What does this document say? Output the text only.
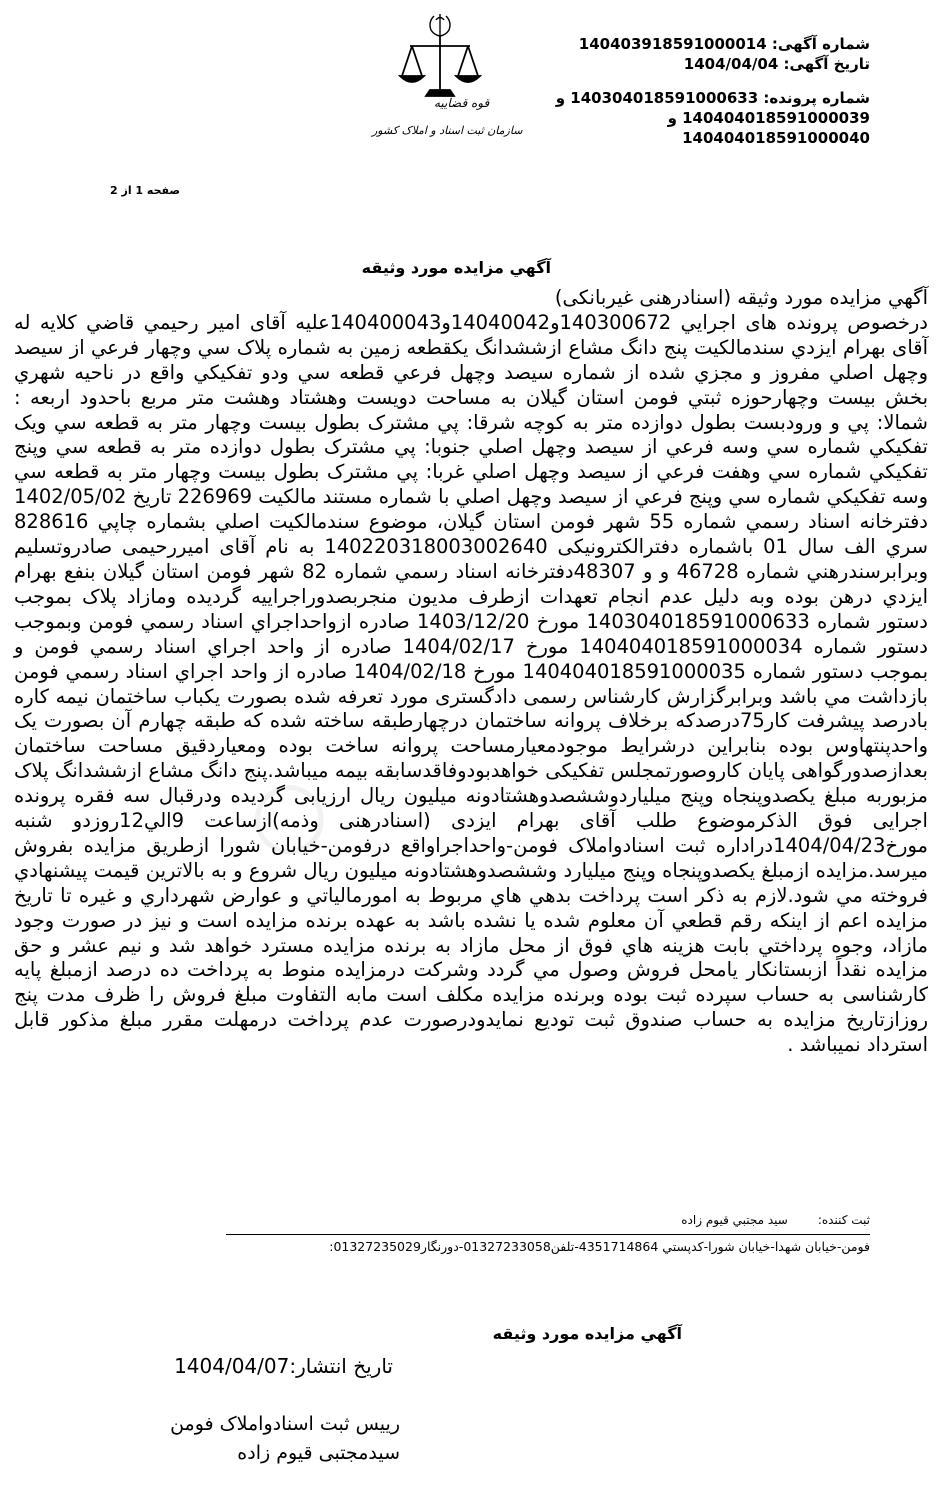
قوه قضاییه
سازمان ثبت اسناد و املاک کشور
شماره آگهی: 140403918591000014
تاریخ آگهی: 1404/04/04
شماره پرونده: 14030401859100063‌3 و
14040401859100003‌9 و
14040401859100004‌0
صفحه 1 از 2
○
آگهي مزايده مورد وثيقه
آگهي مزايده مورد وثيقه (اسنادرهنی غيربانکی)
درخصوص پرونده های اجرايي 140300672و14040042و140400043عليه آقای امير رحيمي قاضي کلايه له آقای بهرام ايزدي سندمالکيت پنج دانگ مشاع ازششدانگ يکقطعه زمين به شماره پلاک سي وچهار فرعي از سيصد وچهل اصلي مفروز و مجزي شده از شماره سيصد وچهل فرعي قطعه سي ودو تفکيکي واقع در ناحيه شهري بخش بيست وچهارحوزه ثبتي فومن استان گيلان به مساحت دويست وهشتاد وهشت متر مربع باحدود اربعه : شمالا: پي و ورودبست بطول دوازده متر به کوچه شرقا: پي مشترک بطول بيست وچهار متر به قطعه سي ويک تفکيکي شماره سي وسه فرعي از سيصد وچهل اصلي جنوبا: پي مشترک بطول دوازده متر به قطعه سي وپنج تفکيکي شماره سي وهفت فرعي از سيصد وچهل اصلي غربا: پي مشترک بطول بيست وچهار متر به قطعه سي وسه تفکيکي شماره سي وپنج فرعي از سيصد وچهل اصلي با شماره مستند مالکيت 226969 تاريخ 1402/05/02 دفترخانه اسناد رسمي شماره 55 شهر فومن استان گيلان، موضوع سندمالکيت اصلي بشماره چاپي 828616 سري الف سال 01 باشماره دفترالکترونيکی 140220318003002640 به نام آقای اميررحيمی صادروتسليم وبرابرسندرهني شماره 46728 و و 48307دفترخانه اسناد رسمي شماره 82 شهر فومن استان گيلان بنفع بهرام ايزدي درهن بوده وبه دليل عدم انجام تعهدات ازطرف مديون منجربصدوراجراييه گرديده ومازاد پلاک بموجب دستور شماره 140304018591000633 مورخ 1403/12/20 صادره ازواحداجراي اسناد رسمي فومن وبموجب دستور شماره 140404018591000034 مورخ 1404/02/17 صادره از واحد اجراي اسناد رسمي فومن و بموجب دستور شماره 140404018591000035 مورخ 1404/02/18 صادره از واحد اجراي اسناد رسمي فومن بازداشت مي باشد وبرابرگزارش کارشناس رسمی دادگستری مورد تعرفه شده بصورت يکباب ساختمان نيمه کاره بادرصد پيشرفت کار75درصدکه برخلاف پروانه ساختمان درچهارطبقه ساخته شده که طبقه چهارم آن بصورت يک واحدپنتهاوس بوده بنابراين درشرايط موجودمعيارمساحت پروانه ساخت بوده ومعياردقيق مساحت ساختمان بعدازصدورگواهی پايان کاروصورتمجلس تفکيکی خواهدبودوفاقدسابقه بيمه ميباشد.پنج دانگ مشاع ازششدانگ پلاک مزبوربه مبلغ يکصدوپنجاه وپنج ميلياردوششصدوهشتادونه ميليون ريال ارزيابی گرديده ودرقبال سه فقره پرونده اجرايی فوق الذکرموضوع طلب آقای بهرام ايزدی (اسنادرهنی وذمه)ازساعت 9الي12روزدو شنبه مورخ1404/04/23دراداره ثبت اسنادواملاک فومن-واحداجراواقع درفومن-خيابان شورا ازطريق مزايده بفروش ميرسد.مزايده ازمبلغ يکصدوپنجاه وپنج ميليارد وششصدوهشتادونه ميليون ريال شروع و به بالاترين قيمت پيشنهادي فروخته مي شود.لازم به ذکر است پرداخت بدهي هاي مربوط به امورمالياتي و عوارض شهرداري و غيره تا تاريخ مزايده اعم از اينکه رقم قطعي آن معلوم شده يا نشده باشد به عهده برنده مزايده است و نيز در صورت وجود مازاد، وجوه پرداختي بابت هزينه هاي فوق از محل مازاد به برنده مزايده مسترد خواهد شد و نيم عشر و حق مزايده نقداً ازبستانکار يامحل فروش وصول مي گردد وشرکت درمزايده منوط به پرداخت ده درصد ازمبلغ پايه کارشناسی به حساب سپرده ثبت بوده وبرنده مزايده مکلف است مابه التفاوت مبلغ فروش را ظرف مدت پنج روزازتاريخ مزايده به حساب صندوق ثبت توديع نمايدودرصورت عدم پرداخت درمهلت مقرر مبلغ مذکور قابل استرداد نميباشد .
ثبت کننده:
سيد مجتبي قيوم زاده
فومن-خيابان شهدا-خيابان شورا-کدپستي 4351714864-تلفن01327233058-دورنگار01327235029:
آگهي مزايده مورد وثيقه
تاريخ انتشار:1404/04/07
رييس ثبت اسنادواملاک فومن
سيدمجتبی قيوم زاده
